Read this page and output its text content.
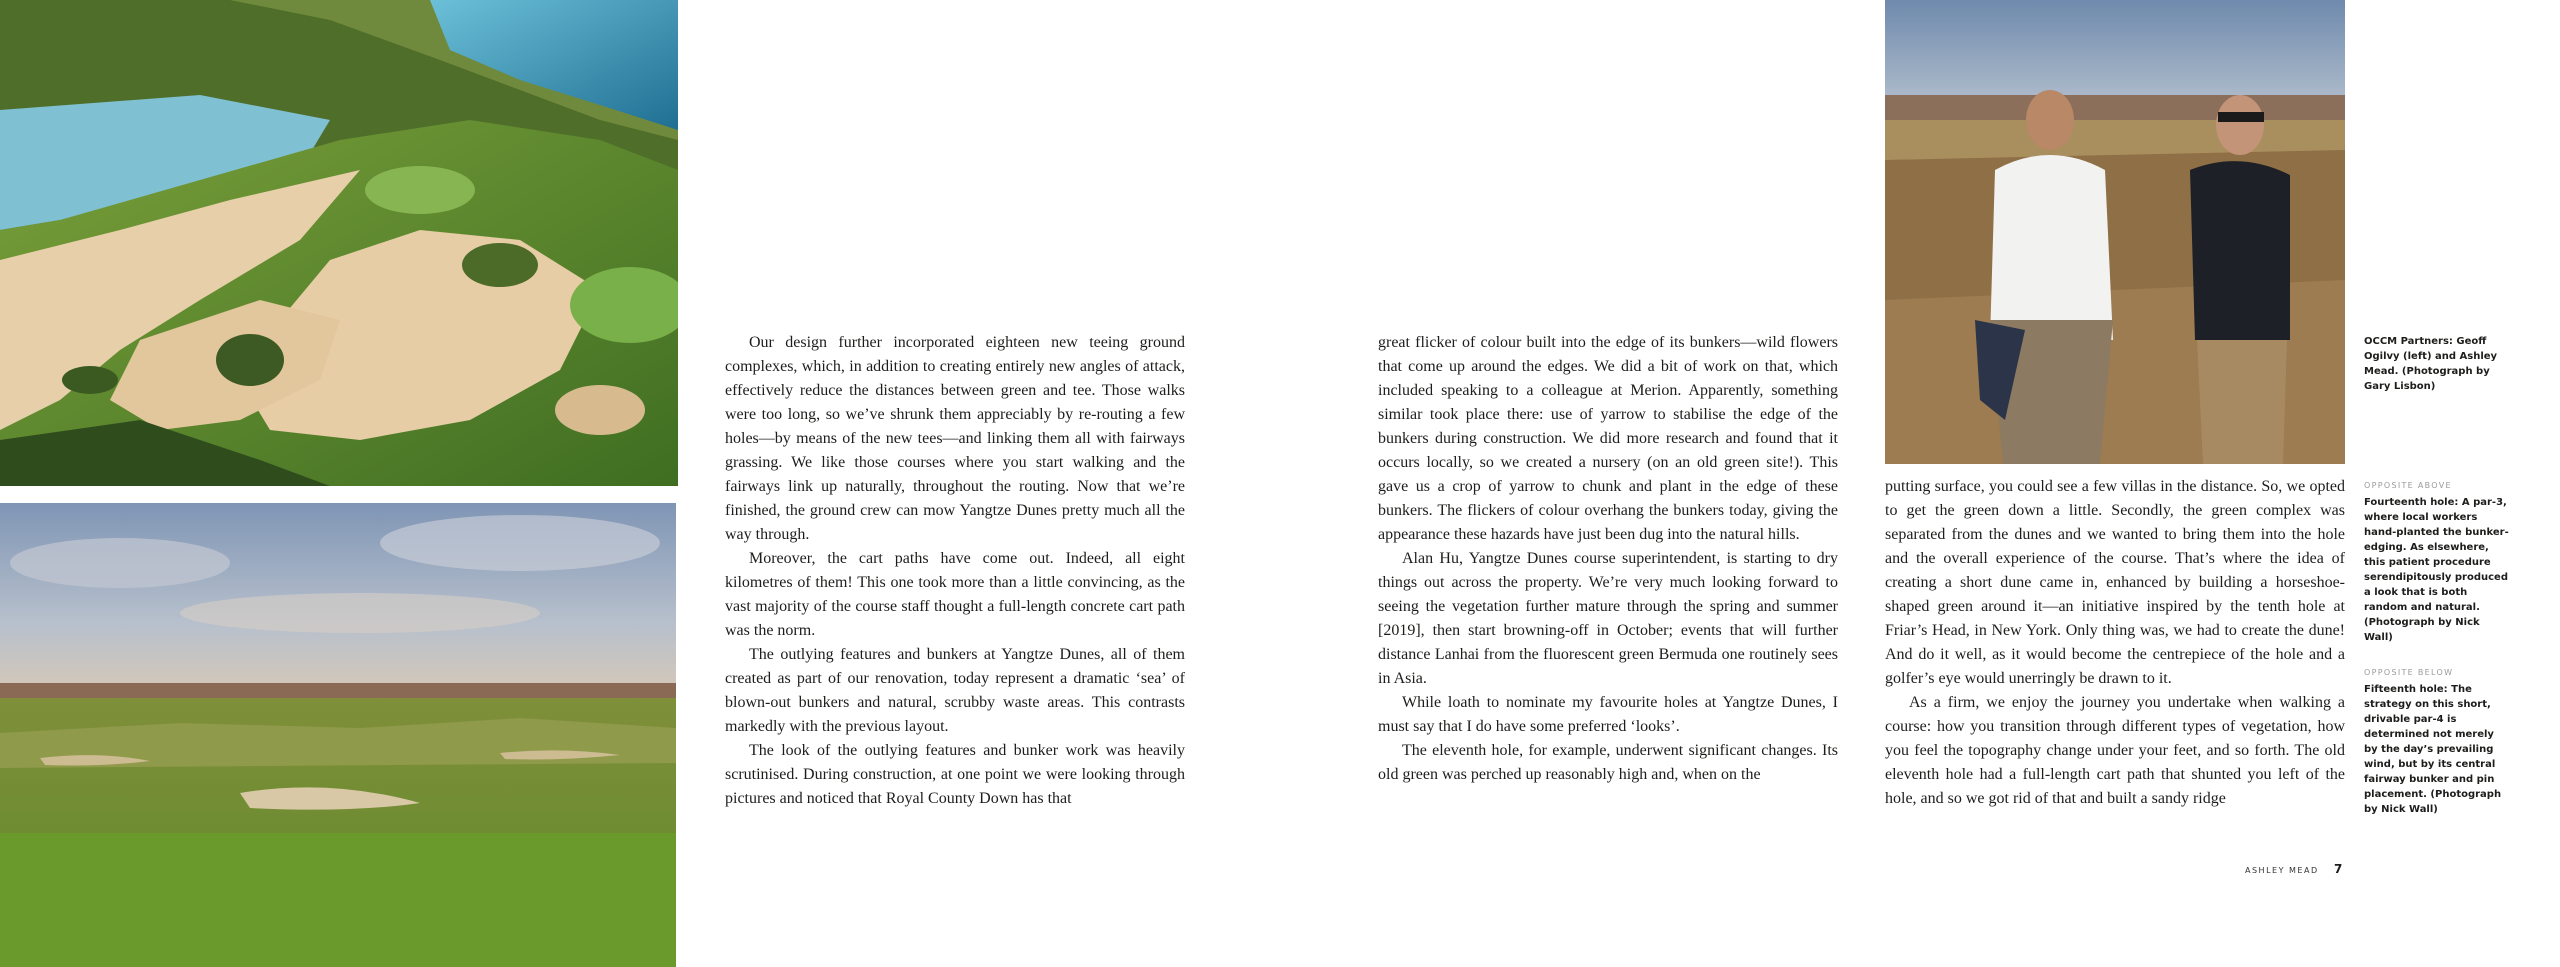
Our design further incorporated eighteen new teeing ground complexes, which, in addition to creating entirely new angles of attack, effectively reduce the distances between green and tee. Those walks were too long, so we’ve shrunk them appreciably by re-routing a few holes—by means of the new tees—and linking them all with fairways grassing. We like those courses where you start walking and the fairways link up naturally, throughout the routing. Now that we’re finished, the ground crew can mow Yangtze Dunes pretty much all the way through.

Moreover, the cart paths have come out. Indeed, all eight kilometres of them! This one took more than a little convincing, as the vast majority of the course staff thought a full-length concrete cart path was the norm.

The outlying features and bunkers at Yangtze Dunes, all of them created as part of our renovation, today represent a dramatic ‘sea’ of blown-out bunkers and natural, scrubby waste areas. This contrasts markedly with the previous layout.

The look of the outlying features and bunker work was heavily scrutinised. During construction, at one point we were looking through pictures and noticed that Royal County Down has that

great flicker of colour built into the edge of its bunkers—wild flowers that come up around the edges. We did a bit of work on that, which included speaking to a colleague at Merion. Apparently, something similar took place there: use of yarrow to stabilise the edge of the bunkers during construction. We did more research and found that it occurs locally, so we created a nursery (on an old green site!). This gave us a crop of yarrow to chunk and plant in the edge of these bunkers. The flickers of colour overhang the bunkers today, giving the appearance these hazards have just been dug into the natural hills.

Alan Hu, Yangtze Dunes course superintendent, is starting to dry things out across the property. We’re very much looking forward to seeing the vegetation further mature through the spring and summer [2019], then start browning-off in October; events that will further distance Lanhai from the fluorescent green Bermuda one routinely sees in Asia.

While loath to nominate my favourite holes at Yangtze Dunes, I must say that I do have some preferred ‘looks’.

The eleventh hole, for example, underwent significant changes. Its old green was perched up reasonably high and, when on the

putting surface, you could see a few villas in the distance. So, we opted to get the green down a little. Secondly, the green complex was separated from the dunes and we wanted to bring them into the hole and the overall experience of the course. That’s where the idea of creating a short dune came in, enhanced by building a horseshoe-shaped green around it—an initiative inspired by the tenth hole at Friar’s Head, in New York. Only thing was, we had to create the dune! And do it well, as it would become the centrepiece of the hole and a golfer’s eye would unerringly be drawn to it.

As a firm, we enjoy the journey you undertake when walking a course: how you transition through different types of vegetation, how you feel the topography change under your feet, and so forth. The old eleventh hole had a full-length cart path that shunted you left of the hole, and so we got rid of that and built a sandy ridge

OCCM Partners: Geoff Ogilvy (left) and Ashley Mead. (Photograph by Gary Lisbon)
OPPOSITE ABOVE
Fourteenth hole: A par-3, where local workers hand-planted the bunker-edging. As elsewhere, this patient procedure serendipitously produced a look that is both random and natural. (Photograph by Nick Wall)
OPPOSITE BELOW
Fifteenth hole: The strategy on this short, drivable par-4 is determined not merely by the day’s prevailing wind, but by its central fairway bunker and pin placement. (Photograph by Nick Wall)
ASHLEY MEAD 7
